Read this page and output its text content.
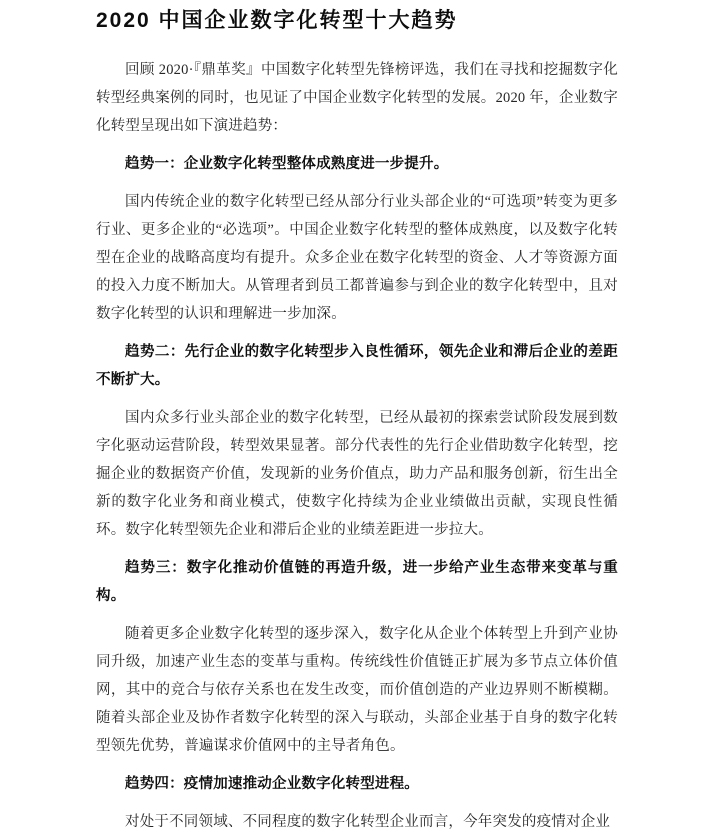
2020 中国企业数字化转型十大趋势

回顾 2020·『鼎革奖』中国数字化转型先锋榜评选，我们在寻找和挖掘数字化转型经典案例的同时，也见证了中国企业数字化转型的发展。2020 年，企业数字化转型呈现出如下演进趋势：

趋势一：企业数字化转型整体成熟度进一步提升。

国内传统企业的数字化转型已经从部分行业头部企业的“可选项”转变为更多行业、更多企业的“必选项”。中国企业数字化转型的整体成熟度，以及数字化转型在企业的战略高度均有提升。众多企业在数字化转型的资金、人才等资源方面的投入力度不断加大。从管理者到员工都普遍参与到企业的数字化转型中，且对数字化转型的认识和理解进一步加深。

趋势二：先行企业的数字化转型步入良性循环，领先企业和滞后企业的差距不断扩大。

国内众多行业头部企业的数字化转型，已经从最初的探索尝试阶段发展到数字化驱动运营阶段，转型效果显著。部分代表性的先行企业借助数字化转型，挖掘企业的数据资产价值，发现新的业务价值点，助力产品和服务创新，衍生出全新的数字化业务和商业模式，使数字化持续为企业业绩做出贡献，实现良性循环。数字化转型领先企业和滞后企业的业绩差距进一步拉大。

趋势三：数字化推动价值链的再造升级，进一步给产业生态带来变革与重构。

随着更多企业数字化转型的逐步深入，数字化从企业个体转型上升到产业协同升级，加速产业生态的变革与重构。传统线性价值链正扩展为多节点立体价值网，其中的竞合与依存关系也在发生改变，而价值创造的产业边界则不断模糊。随着头部企业及协作者数字化转型的深入与联动，头部企业基于自身的数字化转型领先优势，普遍谋求价值网中的主导者角色。

趋势四：疫情加速推动企业数字化转型进程。

对处于不同领域、不同程度的数字化转型企业而言，今年突发的疫情对企业
